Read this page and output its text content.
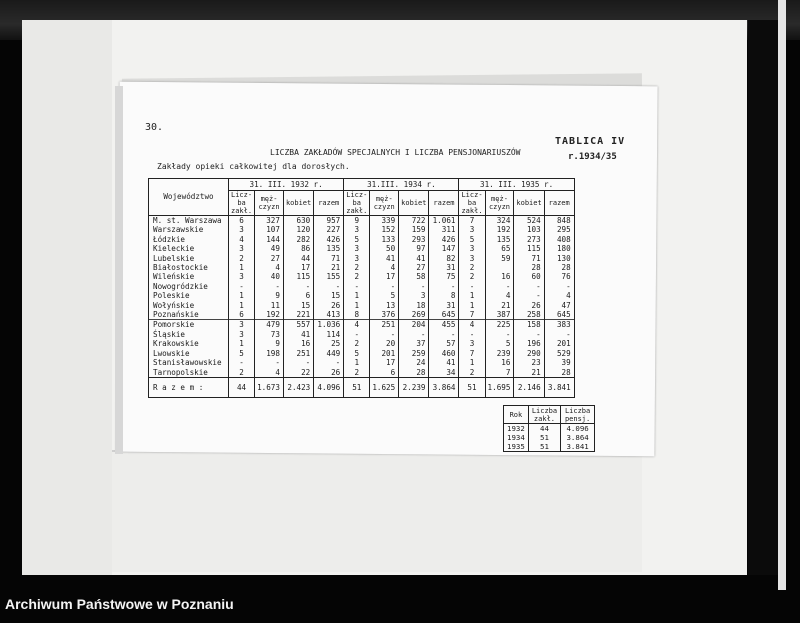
30.
TABLICA IV
r.1934/35
LICZBA ZAKŁADÓW SPECJALNYCH I LICZBA PENSJONARIUSZÓW
Zakłady opieki całkowitej dla dorosłych.
Województwo	31. III. 1932 r.				31.III. 1934 r.				31. III. 1935 r.			
	Licz-
ba
zakł.	męż-
czyzn	kobiet	razem	Licz-
ba
zakł.	męż-
czyzn	kobiet	razem	Licz-
ba
zakł.	męż-
czyzn	kobiet	razem
M. st. Warszawa	6	327	630	957	9	339	722	1.061	7	324	524	848
Warszawskie	3	107	120	227	3	152	159	311	3	192	103	295
Łódzkie	4	144	282	426	5	133	293	426	5	135	273	408
Kieleckie	3	49	86	135	3	50	97	147	3	65	115	180
Lubelskie	2	27	44	71	3	41	41	82	3	59	71	130
Białostockie	1	4	17	21	2	4	27	31	2		28	28
Wileńskie	3	40	115	155	2	17	58	75	2	16	60	76
Nowogródzkie	-	-	-	-	-	-	-	-	-	-	-	-
Poleskie	1	9	6	15	1	5	3	8	1	4	-	4
Wołyńskie	1	11	15	26	1	13	18	31	1	21	26	47
Poznańskie	6	192	221	413	8	376	269	645	7	387	258	645
Pomorskie	3	479	557	1.036	4	251	204	455	4	225	158	383
Śląskie	3	73	41	114	-	-	-	-	-	-	-	-
Krakowskie	1	9	16	25	2	20	37	57	3	5	196	201
Lwowskie	5	198	251	449	5	201	259	460	7	239	290	529
Stanisławowskie	-	-	-	-	1	17	24	41	1	16	23	39
Tarnopolskie	2	4	22	26	2	6	28	34	2	7	21	28
R a z e m :	44	1.673	2.423	4.096	51	1.625	2.239	3.864	51	1.695	2.146	3.841
Rok	Liczba zakł.	Liczba pensj.
1932	44	4.096
1934	51	3.864
1935	51	3.841
Archiwum Państwowe w Poznaniu
